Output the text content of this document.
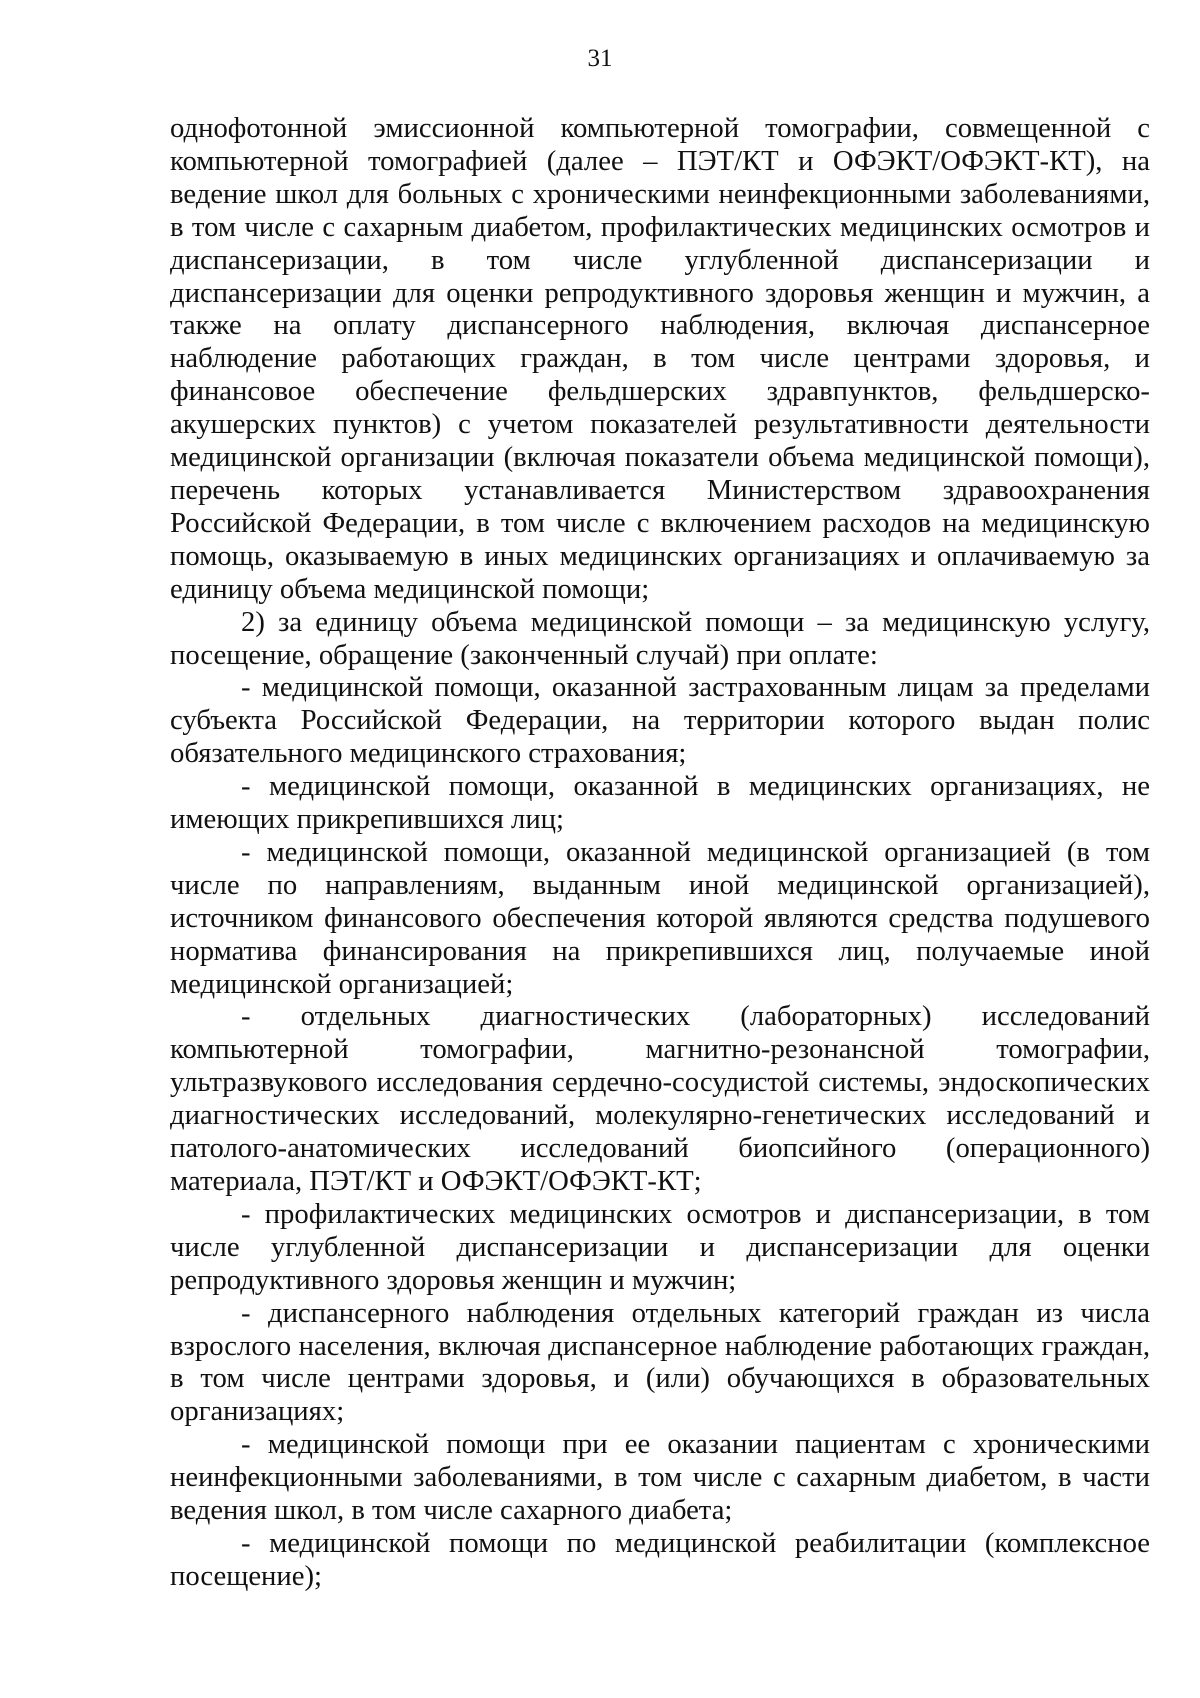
31

однофотонной эмиссионной компьютерной томографии, совмещенной с компьютерной томографией (далее – ПЭТ/КТ и ОФЭКТ/ОФЭКТ-КТ), на ведение школ для больных с хроническими неинфекционными заболеваниями, в том числе с сахарным диабетом, профилактических медицинских осмотров и диспансеризации, в том числе углубленной диспансеризации и диспансеризации для оценки репродуктивного здоровья женщин и мужчин, а также на оплату диспансерного наблюдения, включая диспансерное наблюдение работающих граждан, в том числе центрами здоровья, и финансовое обеспечение фельдшерских здравпунктов, фельдшерско-акушерских пунктов) с учетом показателей результативности деятельности медицинской организации (включая показатели объема медицинской помощи), перечень которых устанавливается Министерством здравоохранения Российской Федерации, в том числе с включением расходов на медицинскую помощь, оказываемую в иных медицинских организациях и оплачиваемую за единицу объема медицинской помощи;

2) за единицу объема медицинской помощи – за медицинскую услугу, посещение, обращение (законченный случай) при оплате:

- медицинской помощи, оказанной застрахованным лицам за пределами субъекта Российской Федерации, на территории которого выдан полис обязательного медицинского страхования;

- медицинской помощи, оказанной в медицинских организациях, не имеющих прикрепившихся лиц;

- медицинской помощи, оказанной медицинской организацией (в том числе по направлениям, выданным иной медицинской организацией), источником финансового обеспечения которой являются средства подушевого норматива финансирования на прикрепившихся лиц, получаемые иной медицинской организацией;

- отдельных диагностических (лабораторных) исследований компьютерной томографии, магнитно-резонансной томографии, ультразвукового исследования сердечно-сосудистой системы, эндоскопических диагностических исследований, молекулярно-генетических исследований и патолого-анатомических исследований биопсийного (операционного) материала, ПЭТ/КТ и ОФЭКТ/ОФЭКТ-КТ;

- профилактических медицинских осмотров и диспансеризации, в том числе углубленной диспансеризации и диспансеризации для оценки репродуктивного здоровья женщин и мужчин;

- диспансерного наблюдения отдельных категорий граждан из числа взрослого населения, включая диспансерное наблюдение работающих граждан, в том числе центрами здоровья, и (или) обучающихся в образовательных организациях;

- медицинской помощи при ее оказании пациентам с хроническими неинфекционными заболеваниями, в том числе с сахарным диабетом, в части ведения школ, в том числе сахарного диабета;

- медицинской помощи по медицинской реабилитации (комплексное посещение);
